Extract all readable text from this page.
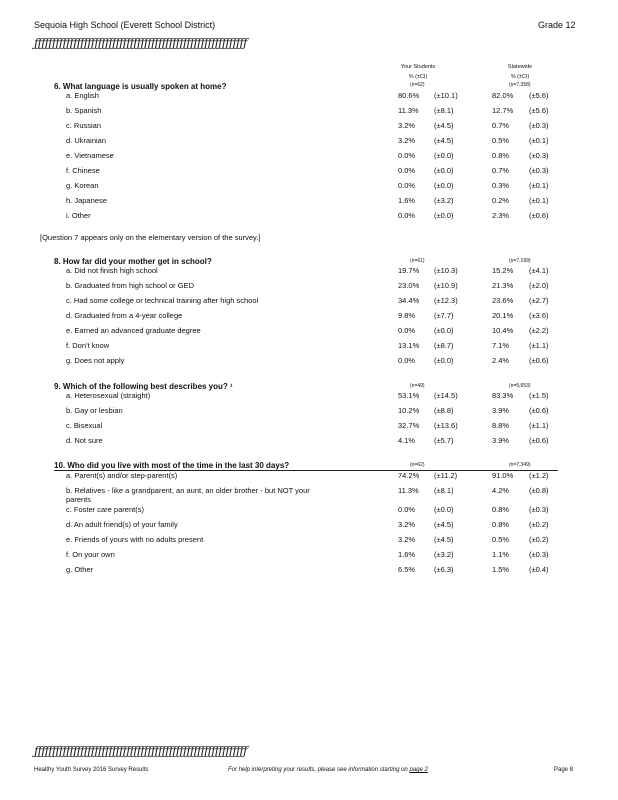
Sequoia High School (Everett School District)	Grade 12
ƒƒƒƒƒƒƒƒƒƒƒƒƒƒƒƒƒƒƒƒƒƒƒƒƒƒƒƒƒƒƒƒƒƒƒƒƒƒƒƒƒƒƒƒƒƒƒƒƒƒƒƒƒƒƒƒƒƒƒƒ
Your Students
% (±CI)
Statewide
% (±CI)
(n=62)	(n=7,358)
6. What language is usually spoken at home?
a. English	80.6% (±10.1)	82.0% (±5.6)
b. Spanish	11.3% (±8.1)	12.7% (±5.6)
c. Russian	3.2%	(±4.5)	0.7%	(±0.3)
d. Ukrainian	3.2%	(±4.5)	0.5%	(±0.1)
e. Vietnamese	0.0%	(±0.0)	0.8%	(±0.3)
f. Chinese	0.0%	(±0.0)	0.7%	(±0.3)
g. Korean	0.0%	(±0.0)	0.3%	(±0.1)
h. Japanese	1.6%	(±3.2)	0.2%	(±0.1)
i. Other	0.0%	(±0.0)	2.3%	(±0.6)
[Question 7 appears only on the elementary version of the survey.]
(n=61)	(n=7,199)
8. How far did your mother get in school?
a. Did not finish high school	19.7% (±10.3)	15.2% (±4.1)
b. Graduated from high school or GED	23.0% (±10.9)	21.3% (±2.0)
c. Had some college or technical training after high school	34.4% (±12.3)	23.6% (±2.7)
d. Graduated from a 4-year college	9.8%	(±7.7)	20.1% (±3.6)
e. Earned an advanced graduate degree	0.0%	(±0.0)	10.4% (±2.2)
f. Don't know	13.1% (±8.7)	7.1%	(±1.1)
g. Does not apply	0.0%	(±0.0)	2.4%	(±0.6)
(n=49)	(n=5,653)
9. Which of the following best describes you? ¹
a. Heterosexual (straight)	53.1% (±14.5)	83.3% (±1.5)
b. Gay or lesbian	10.2% (±8.8)	3.9%	(±0.6)
c. Bisexual	32.7% (±13.6)	8.8%	(±1.1)
d. Not sure	4.1%	(±5.7)	3.9%	(±0.6)
(n=62)	(n=7,349)
10. Who did you live with most of the time in the last 30 days?
a. Parent(s) and/or step-parent(s)	74.2% (±11.2)	91.0% (±1.2)
b. Relatives - like a grandparent, an aunt, an older brother - but NOT your
parents
11.3% (±8.1)	4.2%	(±0.8)
c. Foster care parent(s)	0.0%	(±0.0)	0.8%	(±0.3)
d. An adult friend(s) of your family	3.2%	(±4.5)	0.8%	(±0.2)
e. Friends of yours with no adults present	3.2%	(±4.5)	0.5%	(±0.2)
f. On your own	1.6%	(±3.2)	1.1%	(±0.3)
g. Other	6.5%	(±6.3)	1.5%	(±0.4)
ƒƒƒƒƒƒƒƒƒƒƒƒƒƒƒƒƒƒƒƒƒƒƒƒƒƒƒƒƒƒƒƒƒƒƒƒƒƒƒƒƒƒƒƒƒƒƒƒƒƒƒƒƒƒƒƒƒƒƒƒ
Healthy Youth Survey 2016 Survey Results	For help interpreting your results, please see information starting on page 2	Page 8
